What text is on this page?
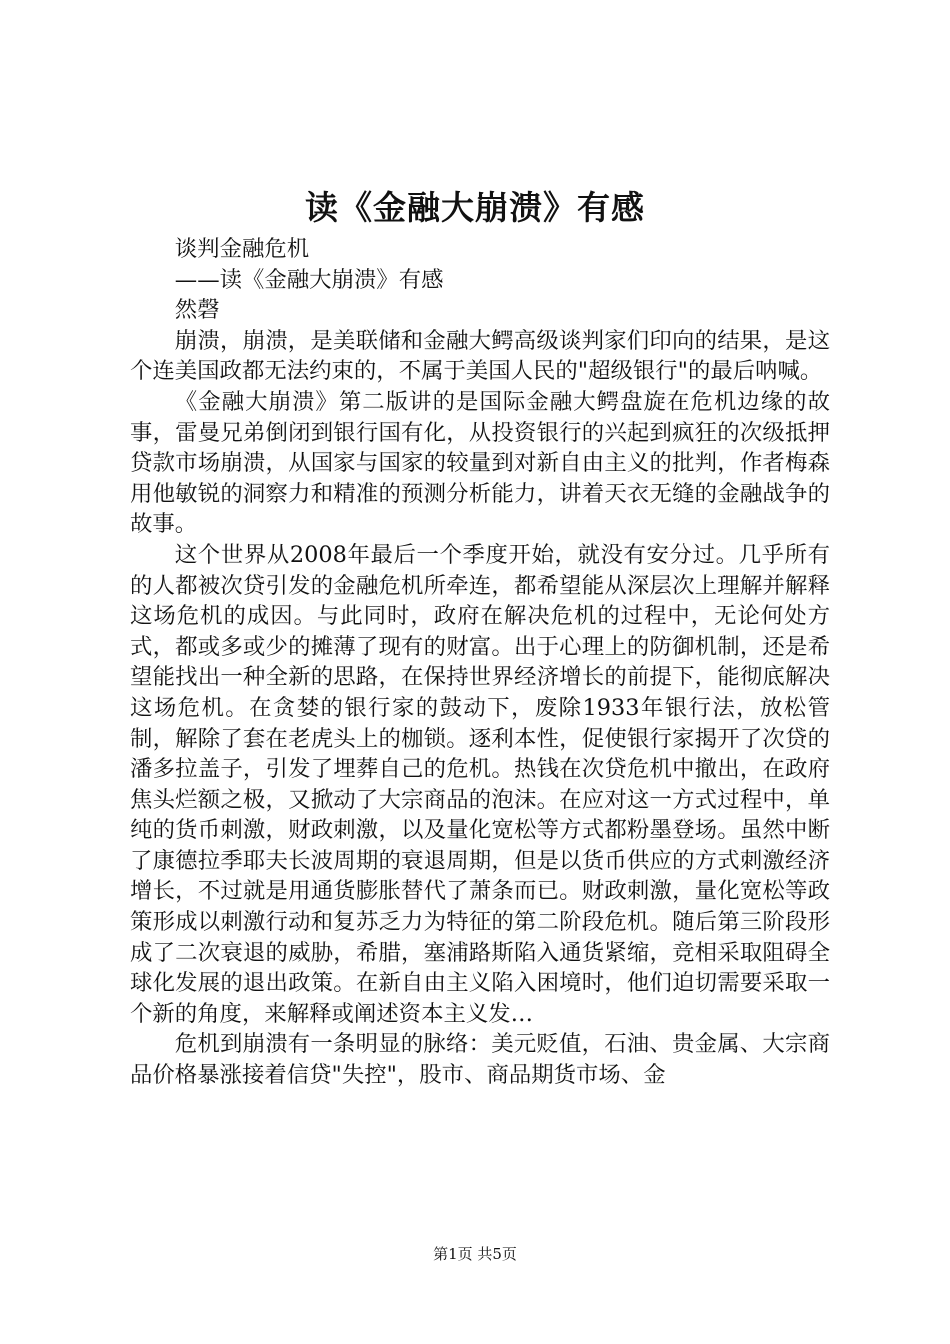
读《金融大崩溃》有感

谈判金融危机

——读《金融大崩溃》有感

然磬

崩溃，崩溃，是美联储和金融大鳄高级谈判家们印向的结果，是这个连美国政都无法约束的，不属于美国人民的"超级银行"的最后呐喊。

《金融大崩溃》第二版讲的是国际金融大鳄盘旋在危机边缘的故事，雷曼兄弟倒闭到银行国有化，从投资银行的兴起到疯狂的次级抵押贷款市场崩溃，从国家与国家的较量到对新自由主义的批判，作者梅森用他敏锐的洞察力和精准的预测分析能力，讲着天衣无缝的金融战争的故事。

这个世界从2008年最后一个季度开始，就没有安分过。几乎所有的人都被次贷引发的金融危机所牵连，都希望能从深层次上理解并解释这场危机的成因。与此同时，政府在解决危机的过程中，无论何处方式，都或多或少的摊薄了现有的财富。出于心理上的防御机制，还是希望能找出一种全新的思路，在保持世界经济增长的前提下，能彻底解决这场危机。在贪婪的银行家的鼓动下，废除1933年银行法，放松管制，解除了套在老虎头上的枷锁。逐利本性，促使银行家揭开了次贷的潘多拉盖子，引发了埋葬自己的危机。热钱在次贷危机中撤出，在政府焦头烂额之极，又掀动了大宗商品的泡沫。在应对这一方式过程中，单纯的货币刺激，财政刺激，以及量化宽松等方式都粉墨登场。虽然中断了康德拉季耶夫长波周期的衰退周期，但是以货币供应的方式刺激经济增长，不过就是用通货膨胀替代了萧条而已。财政刺激，量化宽松等政策形成以刺激行动和复苏乏力为特征的第二阶段危机。随后第三阶段形成了二次衰退的威胁，希腊，塞浦路斯陷入通货紧缩，竞相采取阻碍全球化发展的退出政策。在新自由主义陷入困境时，他们迫切需要采取一个新的角度，来解释或阐述资本主义发…

危机到崩溃有一条明显的脉络：美元贬值，石油、贵金属、大宗商品价格暴涨接着信贷"失控"，股市、商品期货市场、金

第1页 共5页
